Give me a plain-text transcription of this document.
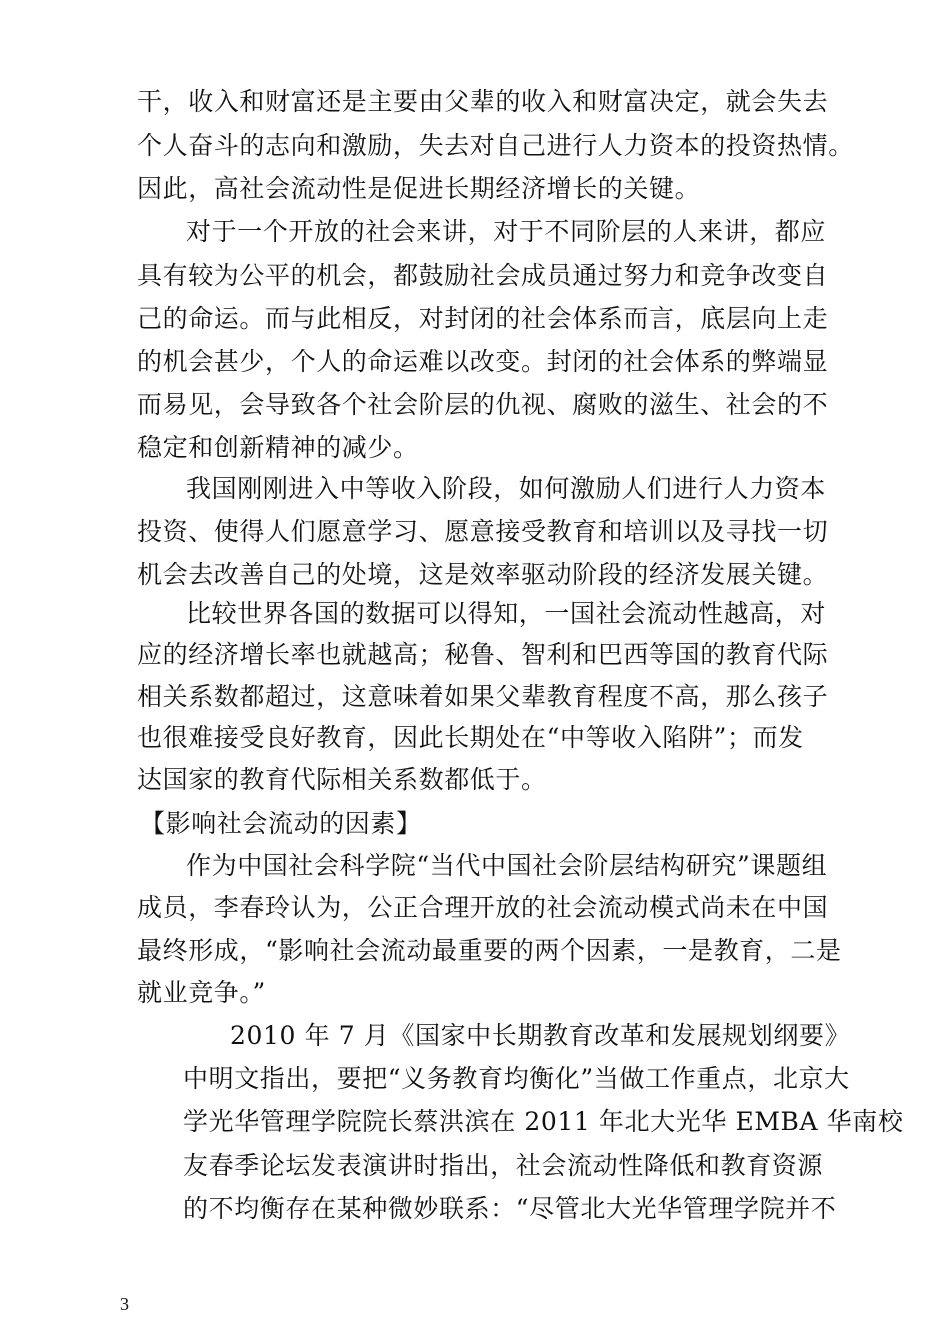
干，收入和财富还是主要由父辈的收入和财富决定，就会失去
个人奋斗的志向和激励，失去对自己进行人力资本的投资热情。
因此，高社会流动性是促进长期经济增长的关键。
对于一个开放的社会来讲，对于不同阶层的人来讲，都应
具有较为公平的机会，都鼓励社会成员通过努力和竞争改变自
己的命运。而与此相反，对封闭的社会体系而言，底层向上走
的机会甚少，个人的命运难以改变。封闭的社会体系的弊端显
而易见，会导致各个社会阶层的仇视、腐败的滋生、社会的不
稳定和创新精神的减少。
我国刚刚进入中等收入阶段，如何激励人们进行人力资本
投资、使得人们愿意学习、愿意接受教育和培训以及寻找一切
机会去改善自己的处境，这是效率驱动阶段的经济发展关键。
比较世界各国的数据可以得知，一国社会流动性越高，对
应的经济增长率也就越高；秘鲁、智利和巴西等国的教育代际
相关系数都超过，这意味着如果父辈教育程度不高，那么孩子
也很难接受良好教育，因此长期处在“中等收入陷阱”；而发
达国家的教育代际相关系数都低于。
【影响社会流动的因素】
作为中国社会科学院“当代中国社会阶层结构研究”课题组
成员，李春玲认为，公正合理开放的社会流动模式尚未在中国
最终形成，“影响社会流动最重要的两个因素，一是教育，二是
就业竞争。”
2010 年 7 月《国家中长期教育改革和发展规划纲要》
中明文指出，要把“义务教育均衡化”当做工作重点，北京大
学光华管理学院院长蔡洪滨在 2011 年北大光华 EMBA 华南校
友春季论坛发表演讲时指出，社会流动性降低和教育资源
的不均衡存在某种微妙联系：“尽管北大光华管理学院并不
3
